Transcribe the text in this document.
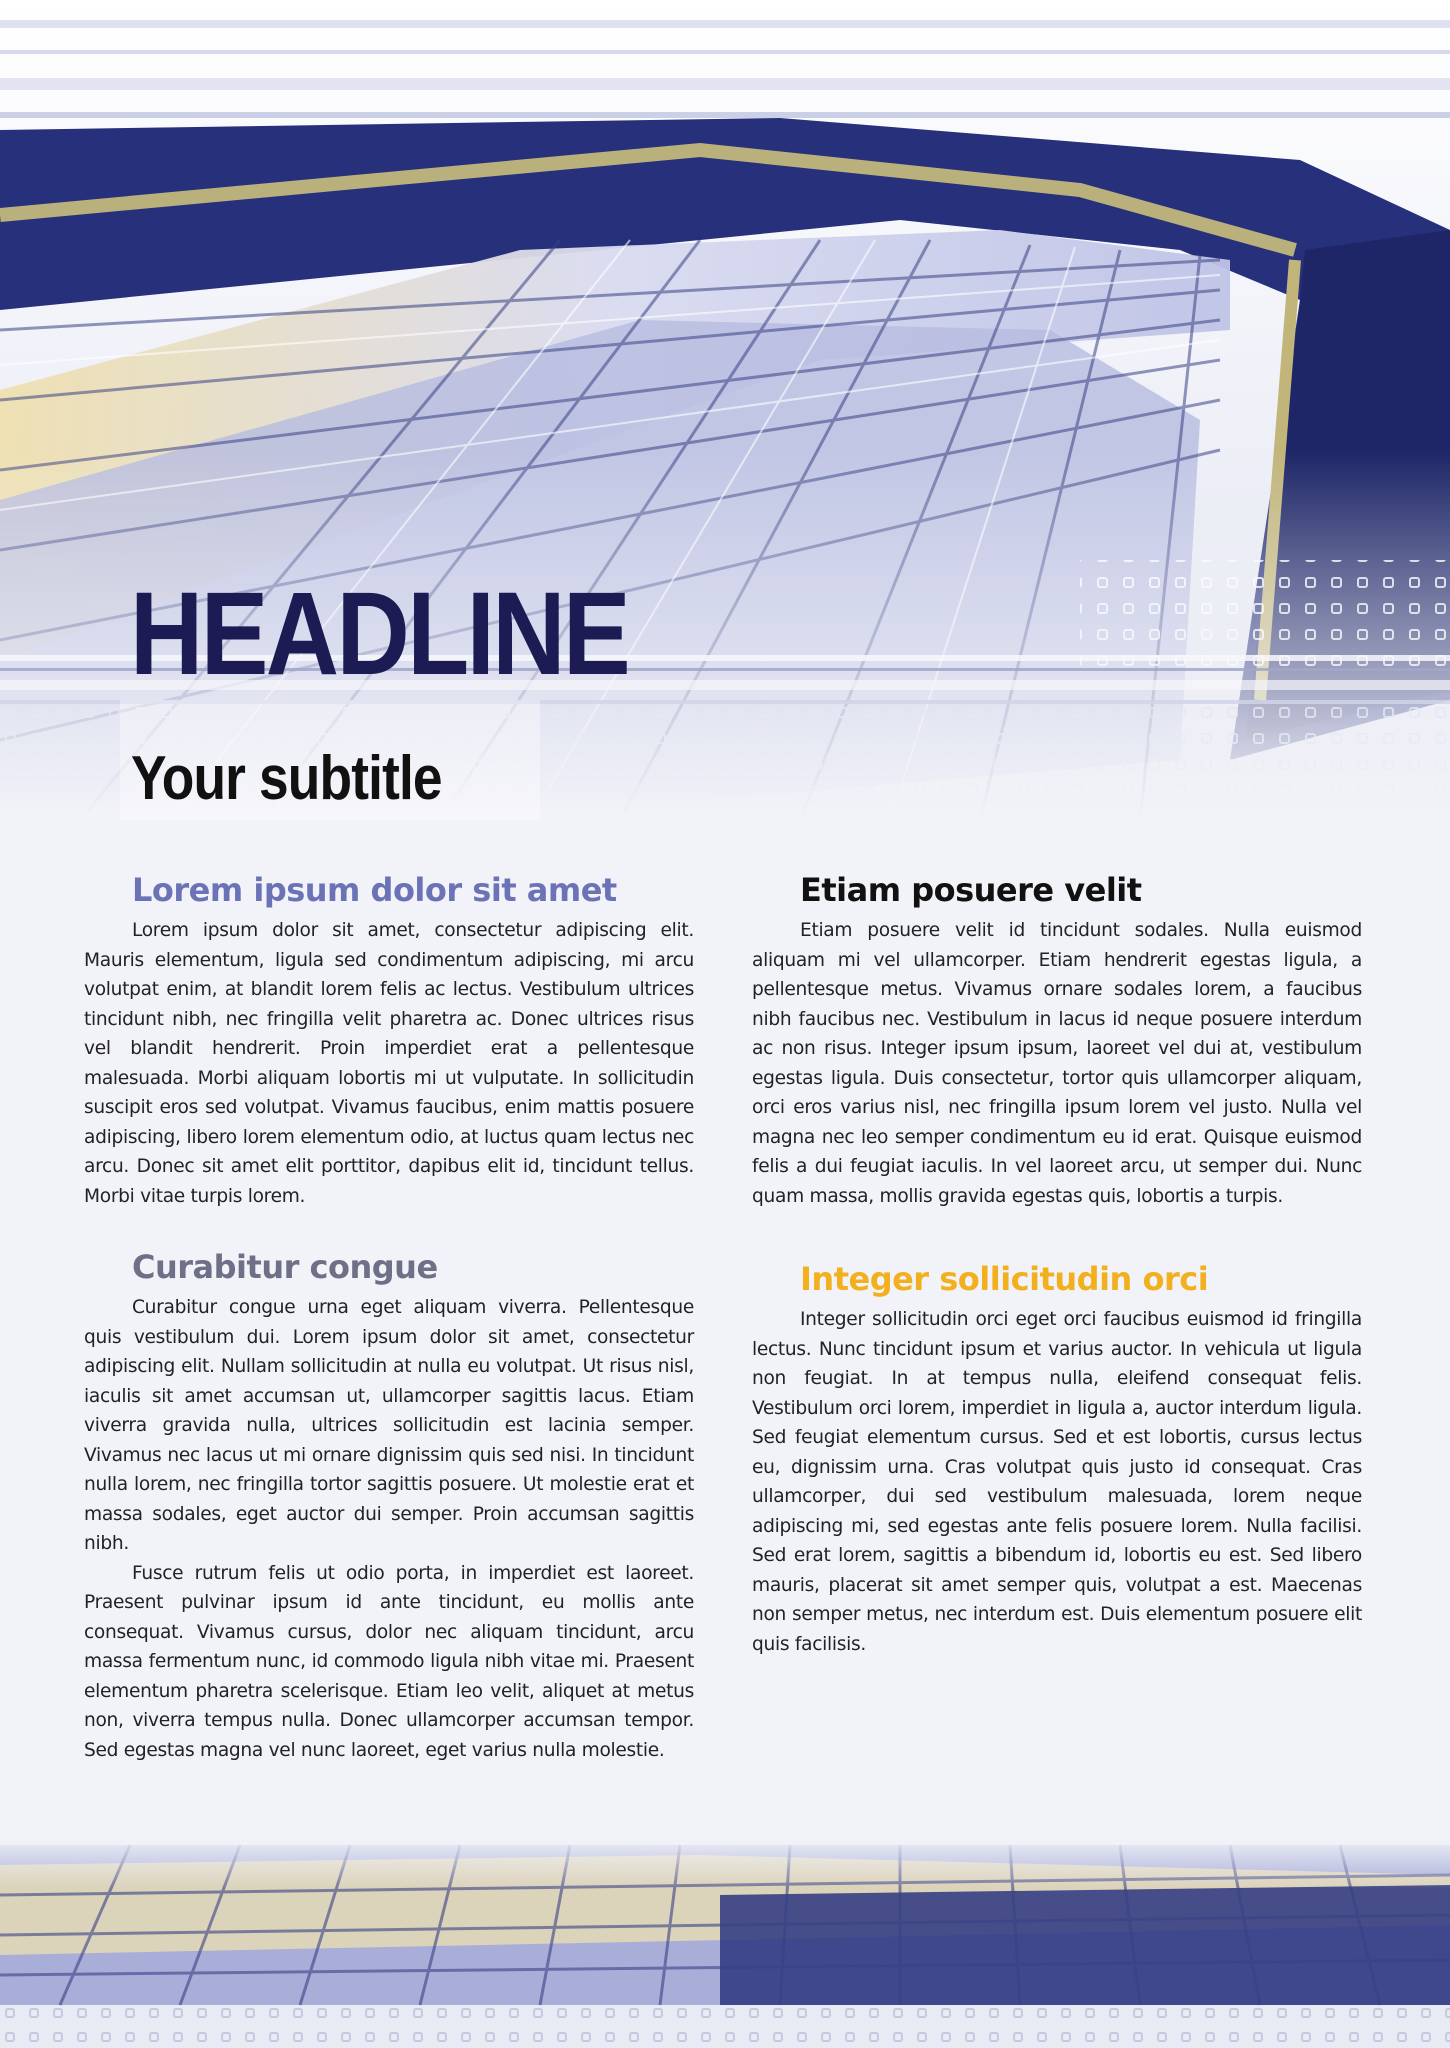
HEADLINE
Your subtitle
Lorem ipsum dolor sit amet

Lorem ipsum dolor sit amet, consectetur adipiscing elit. Mauris elementum, ligula sed condimentum adipiscing, mi arcu volutpat enim, at blandit lorem felis ac lectus. Vestibulum ultrices tincidunt nibh, nec fringilla velit pharetra ac. Donec ultrices risus vel blandit hendrerit. Proin imperdiet erat a pellentesque malesuada. Morbi aliquam lobortis mi ut vulputate. In sollicitudin suscipit eros sed volutpat. Vivamus faucibus, enim mattis posuere adipiscing, libero lorem elementum odio, at luctus quam lectus nec arcu. Donec sit amet elit porttitor, dapibus elit id, tincidunt tellus. Morbi vitae turpis lorem.

Curabitur congue

Curabitur congue urna eget aliquam viverra. Pellentesque quis vestibulum dui. Lorem ipsum dolor sit amet, consectetur adipiscing elit. Nullam sollicitudin at nulla eu volutpat. Ut risus nisl, iaculis sit amet accumsan ut, ullamcorper sagittis lacus. Etiam viverra gravida nulla, ultrices sollicitudin est lacinia semper. Vivamus nec lacus ut mi ornare dignissim quis sed nisi. In tincidunt nulla lorem, nec fringilla tortor sagittis posuere. Ut molestie erat et massa sodales, eget auctor dui semper. Proin accumsan sagittis nibh.

Fusce rutrum felis ut odio porta, in imperdiet est laoreet. Praesent pulvinar ipsum id ante tincidunt, eu mollis ante consequat. Vivamus cursus, dolor nec aliquam tincidunt, arcu massa fermentum nunc, id commodo ligula nibh vitae mi. Praesent elementum pharetra scelerisque. Etiam leo velit, aliquet at metus non, viverra tempus nulla. Donec ullamcorper accumsan tempor. Sed egestas magna vel nunc laoreet, eget varius nulla molestie.

Etiam posuere velit

Etiam posuere velit id tincidunt sodales. Nulla euismod aliquam mi vel ullamcorper. Etiam hendrerit egestas ligula, a pellentesque metus. Vivamus ornare sodales lorem, a faucibus nibh faucibus nec. Vestibulum in lacus id neque posuere interdum ac non risus. Integer ipsum ipsum, laoreet vel dui at, vestibulum egestas ligula. Duis consectetur, tortor quis ullamcorper aliquam, orci eros varius nisl, nec fringilla ipsum lorem vel justo. Nulla vel magna nec leo semper condimentum eu id erat. Quisque euismod felis a dui feugiat iaculis. In vel laoreet arcu, ut semper dui. Nunc quam massa, mollis gravida egestas quis, lobortis a turpis.

Integer sollicitudin orci

Integer sollicitudin orci eget orci faucibus euismod id fringilla lectus. Nunc tincidunt ipsum et varius auctor. In vehicula ut ligula non feugiat. In at tempus nulla, eleifend consequat felis. Vestibulum orci lorem, imperdiet in ligula a, auctor interdum ligula. Sed feugiat elementum cursus. Sed et est lobortis, cursus lectus eu, dignissim urna. Cras volutpat quis justo id consequat. Cras ullamcorper, dui sed vestibulum malesuada, lorem neque adipiscing mi, sed egestas ante felis posuere lorem. Nulla facilisi. Sed erat lorem, sagittis a bibendum id, lobortis eu est. Sed libero mauris, placerat sit amet semper quis, volutpat a est. Maecenas non semper metus, nec interdum est. Duis elementum posuere elit quis facilisis.
